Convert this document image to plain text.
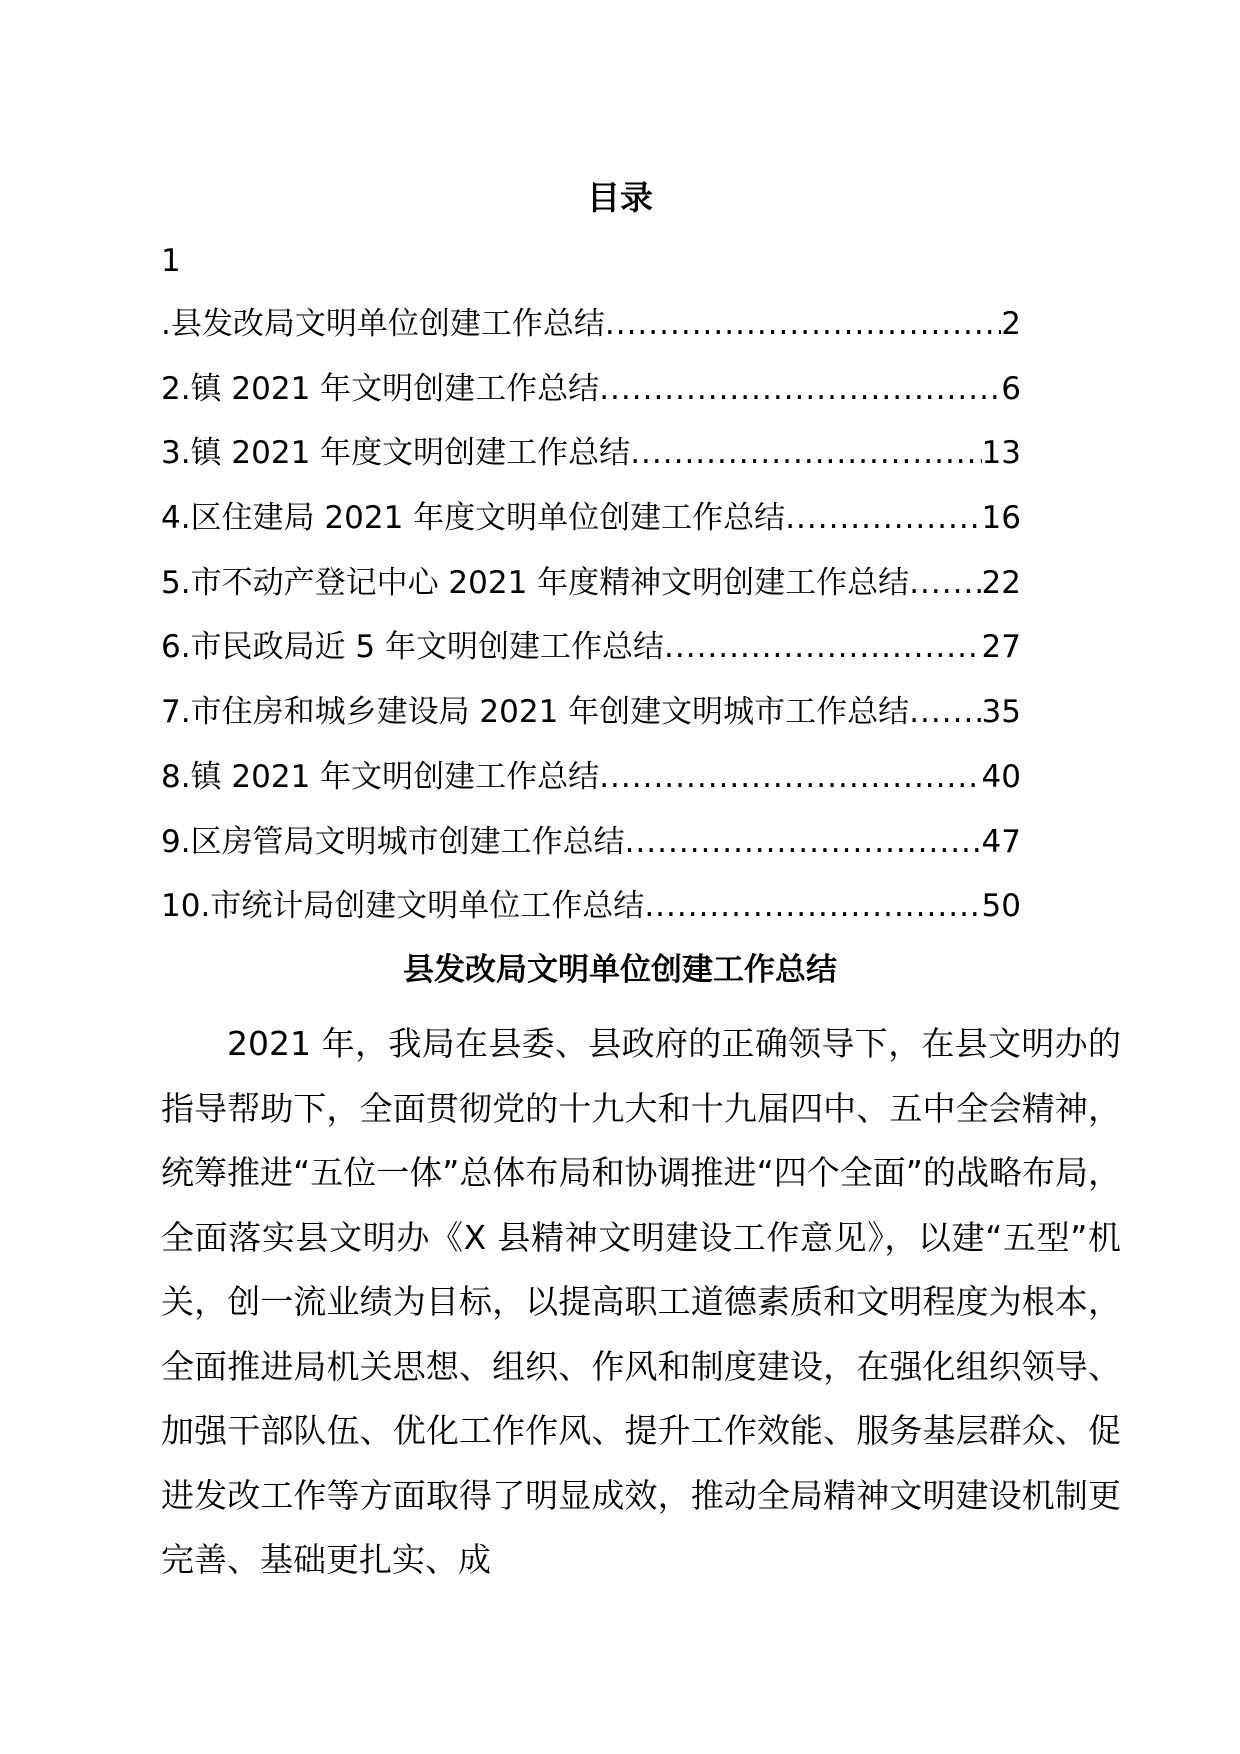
目录
1
.县发改局文明单位创建工作总结 .....	2
2.镇 2021 年文明创建工作总结 .....	6
3.镇 2021 年度文明创建工作总结 .....	13
4.区住建局 2021 年度文明单位创建工作总结 .....	16
5.市不动产登记中心 2021 年度精神文明创建工作总结 ..... 22
6.市民政局近 5 年文明创建工作总结 .....	27
7.市住房和城乡建设局 2021 年创建文明城市工作总结 ..... 35
8.镇 2021 年文明创建工作总结 .....	40
9.区房管局文明城市创建工作总结 .....	47
10.市统计局创建文明单位工作总结 .....	50
县发改局文明单位创建工作总结

2021 年，我局在县委、县政府的正确领导下，在县文明办的指导帮助下，全面贯彻党的十九大和十九届四中、五中全会精神，统筹推进“五位一体”总体布局和协调推进“四个全面”的战略布局，全面落实县文明办《X 县精神文明建设工作意见》，以建“五型”机关，创一流业绩为目标，以提高职工道德素质和文明程度为根本，全面推进局机关思想、组织、作风和制度建设，在强化组织领导、加强干部队伍、优化工作作风、提升工作效能、服务基层群众、促进发改工作等方面取得了明显成效，推动全局精神文明建设机制更完善、基础更扎实、成
